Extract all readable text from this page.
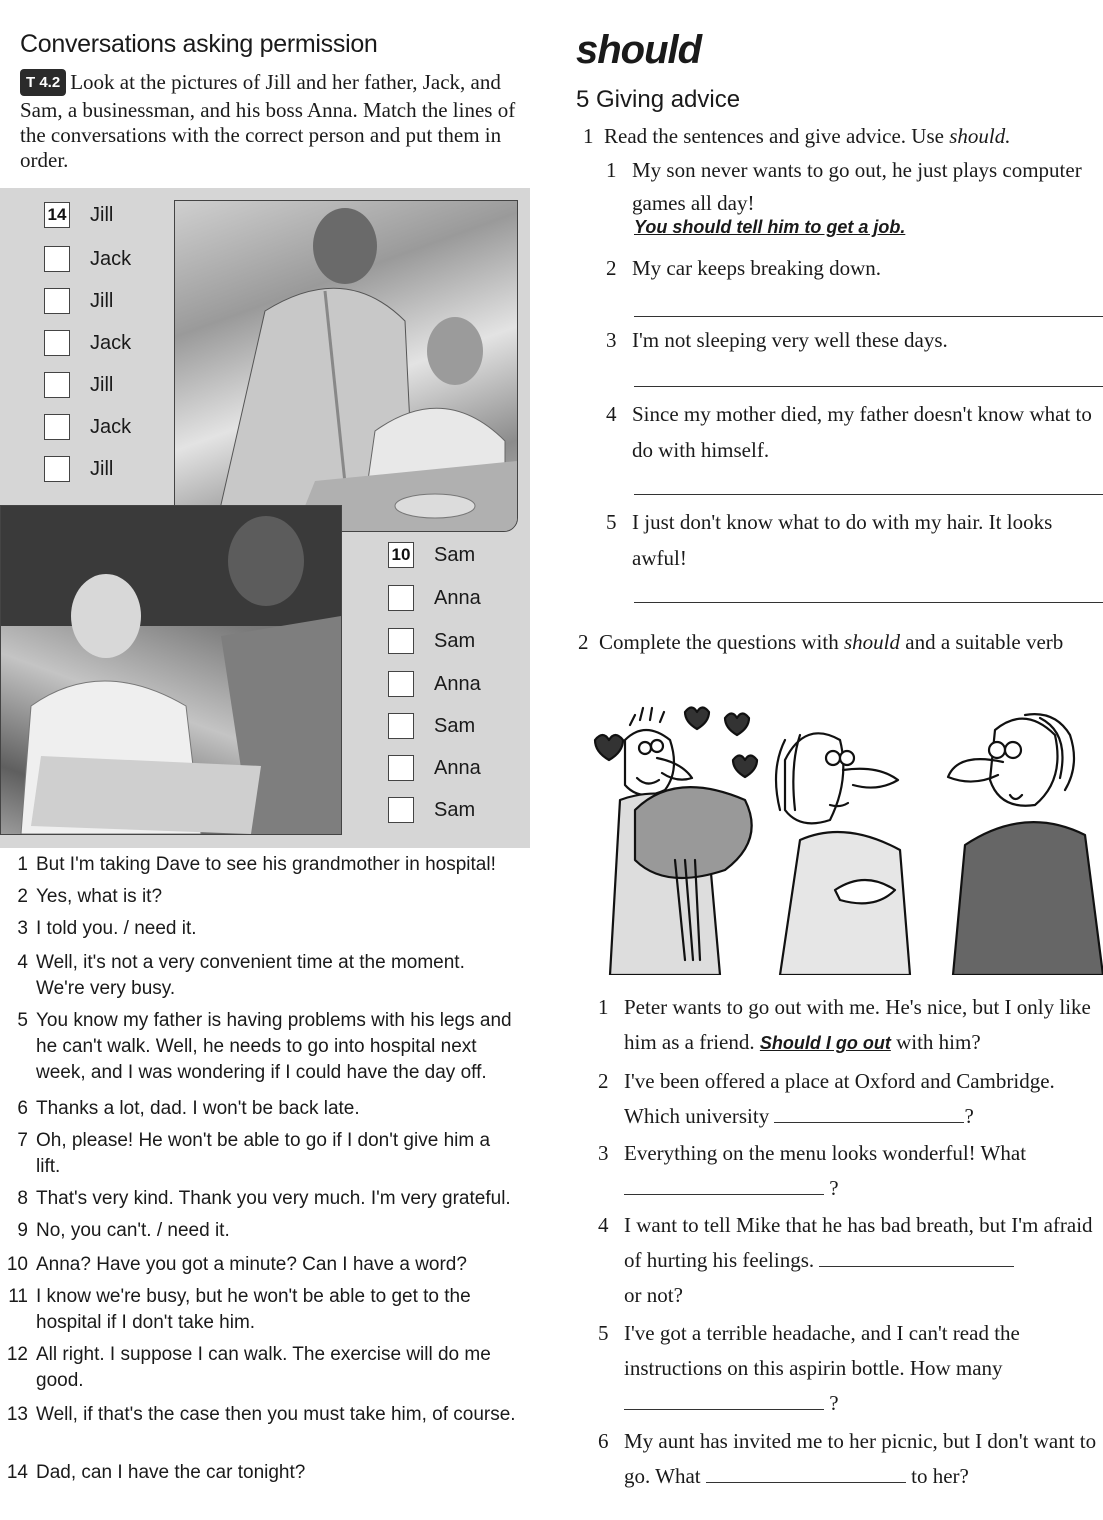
Conversations asking permission
T 4.2 Look at the pictures of Jill and her father, Jack, and Sam, a businessman, and his boss Anna. Match the lines of the conversations with the correct person and put them in order.
14 Jill
Jack
Jill
Jack
Jill
Jack
Jill
10 Sam
Anna
Sam
Anna
Sam
Anna
Sam
1 But I'm taking Dave to see his grandmother in hospital!
2 Yes, what is it?
3 I told you. / need it.
4 Well, it's not a very convenient time at the moment. We're very busy.
5 You know my father is having problems with his legs and he can't walk. Well, he needs to go into hospital next week, and I was wondering if I could have the day off.
6 Thanks a lot, dad. I won't be back late.
7 Oh, please! He won't be able to go if I don't give him a lift.
8 That's very kind. Thank you very much. I'm very grateful.
9 No, you can't. / need it.
10 Anna? Have you got a minute? Can I have a word?
11 I know we're busy, but he won't be able to get to the hospital if I don't take him.
12 All right. I suppose I can walk. The exercise will do me good.
13 Well, if that's the case then you must take him, of course.
14 Dad, can I have the car tonight?
should
5 Giving advice
1 Read the sentences and give advice. Use should.
1 My son never wants to go out, he just plays computer games all day!
You should tell him to get a job.
2 My car keeps breaking down.
3 I'm not sleeping very well these days.
4 Since my mother died, my father doesn't know what to do with himself.
5 I just don't know what to do with my hair. It looks awful!
2 Complete the questions with should and a suitable verb
1 Peter wants to go out with me. He's nice, but I only like him as a friend. Should I go out with him?
2 I've been offered a place at Oxford and Cambridge. Which university	?
3 Everything on the menu looks wonderful! What
?
4 I want to tell Mike that he has bad breath, but I'm afraid of hurting his feelings.
or not?
5 I've got a terrible headache, and I can't read the instructions on this aspirin bottle. How many
?
6 My aunt has invited me to her picnic, but I don't want to go. What	to her?
